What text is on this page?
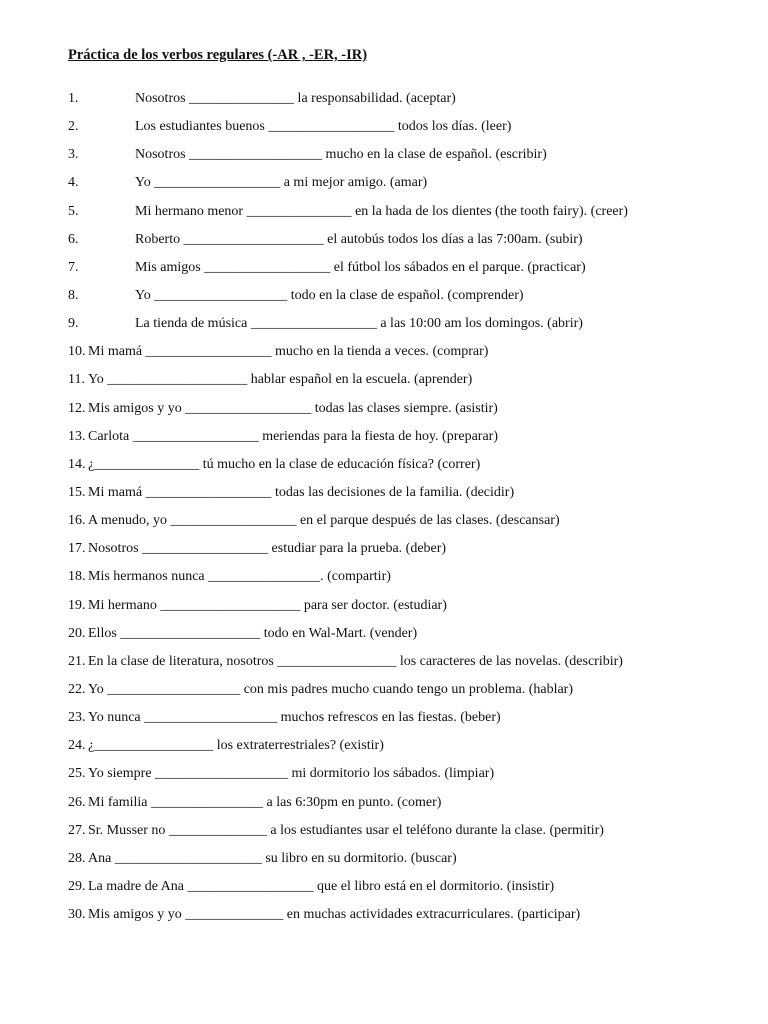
Práctica de los verbos regulares (-AR , -ER, -IR)
1.	Nosotros _______________ la responsabilidad. (aceptar)
2.	Los estudiantes buenos __________________ todos los días. (leer)
3.	Nosotros ___________________ mucho en la clase de español. (escribir)
4.	Yo __________________ a mi mejor amigo. (amar)
5.	Mi hermano menor _______________ en la hada de los dientes (the tooth fairy). (creer)
6.	Roberto ____________________ el autobús todos los días a las 7:00am. (subir)
7.	Mis amigos __________________ el fútbol los sábados en el parque. (practicar)
8.	Yo ___________________ todo en la clase de español. (comprender)
9.	La tienda de música __________________ a las 10:00 am los domingos. (abrir)
10. Mi mamá __________________ mucho en la tienda a veces. (comprar)
11. Yo ____________________ hablar español en la escuela. (aprender)
12. Mis amigos y yo __________________ todas las clases siempre. (asistir)
13. Carlota __________________ meriendas para la fiesta de hoy. (preparar)
14. ¿_______________ tú mucho en la clase de educación física? (correr)
15. Mi mamá __________________ todas las decisiones de la familia. (decidir)
16. A menudo, yo __________________ en el parque después de las clases. (descansar)
17. Nosotros __________________ estudiar para la prueba. (deber)
18. Mis hermanos nunca ________________. (compartir)
19. Mi hermano ____________________ para ser doctor. (estudiar)
20. Ellos ____________________ todo en Wal-Mart. (vender)
21. En la clase de literatura, nosotros _________________ los caracteres de las novelas. (describir)
22. Yo ___________________ con mis padres mucho cuando tengo un problema. (hablar)
23. Yo nunca ___________________ muchos refrescos en las fiestas. (beber)
24. ¿_________________ los extraterrestriales? (existir)
25. Yo siempre ___________________ mi dormitorio los sábados. (limpiar)
26. Mi familia ________________ a las 6:30pm en punto. (comer)
27. Sr. Musser no ______________ a los estudiantes usar el teléfono durante la clase. (permitir)
28. Ana _____________________ su libro en su dormitorio. (buscar)
29. La madre de Ana __________________ que el libro está en el dormitorio. (insistir)
30. Mis amigos y yo ______________ en muchas actividades extracurriculares. (participar)
